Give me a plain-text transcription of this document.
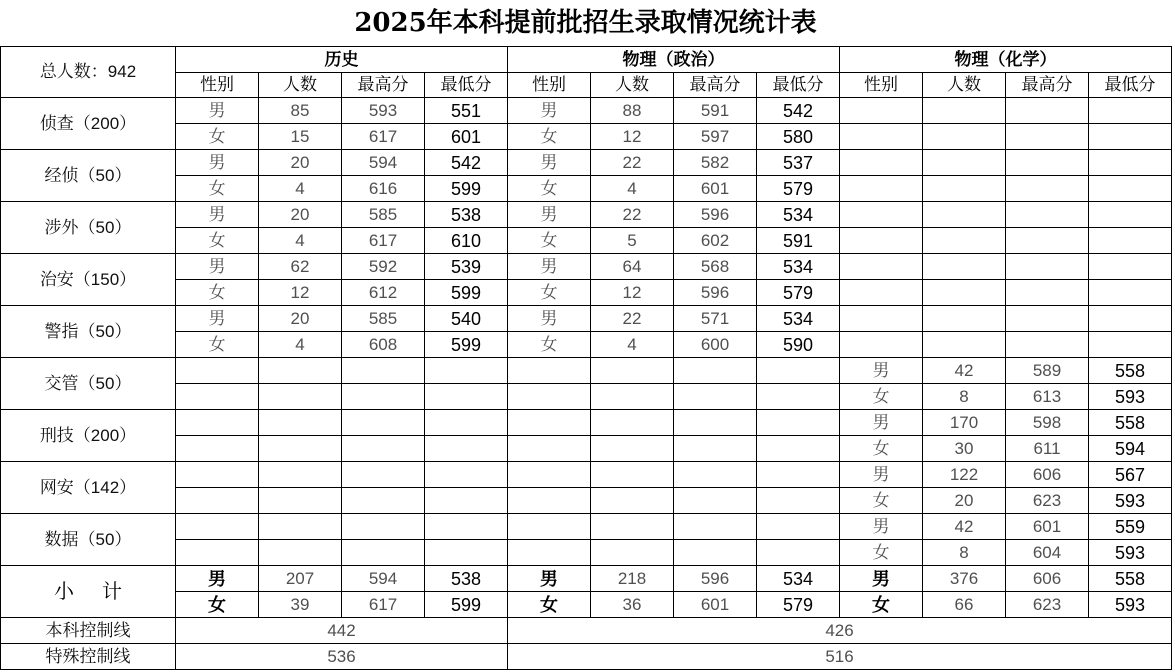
2025年本科提前批招生录取情况统计表
总人数：942	历史				物理（政治）				物理（化学）			
	性别	人数	最高分	最低分	性别	人数	最高分	最低分	性别	人数	最高分	最低分
侦查（200）	男	85	593	551	男	88	591	542				
	女	15	617	601	女	12	597	580				
经侦（50）	男	20	594	542	男	22	582	537				
	女	4	616	599	女	4	601	579				
涉外（50）	男	20	585	538	男	22	596	534				
	女	4	617	610	女	5	602	591				
治安（150）	男	62	592	539	男	64	568	534				
	女	12	612	599	女	12	596	579				
警指（50）	男	20	585	540	男	22	571	534				
	女	4	608	599	女	4	600	590				
交管（50）									男	42	589	558
									女	8	613	593
刑技（200）									男	170	598	558
									女	30	611	594
网安（142）									男	122	606	567
									女	20	623	593
数据（50）									男	42	601	559
									女	8	604	593
小　计	男	207	594	538	男	218	596	534	男	376	606	558
	女	39	617	599	女	36	601	579	女	66	623	593
本科控制线	442				426							
特殊控制线	536				516							
